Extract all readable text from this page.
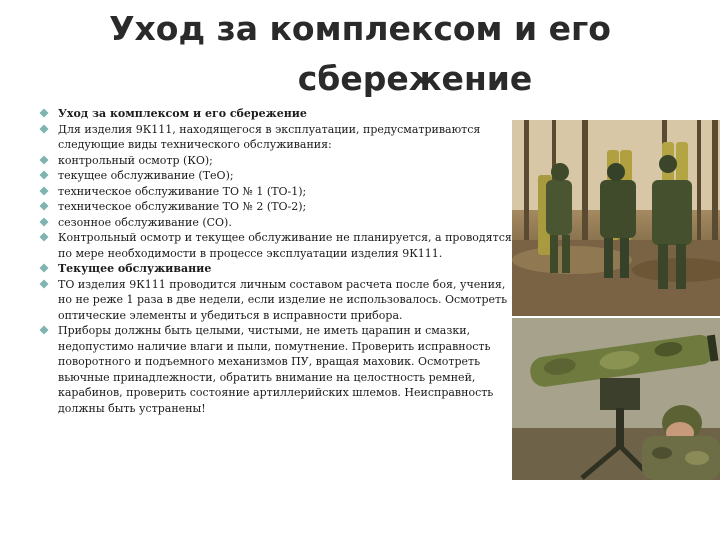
Уход за комплексом и его
сбережение
Уход за комплексом и его сбережение
Для изделия 9К111, находящегося в эксплуатации, предусматриваются следующие виды технического обслуживания:
контрольный осмотр (КО);
текущее обслуживание (ТеО);
техническое обслуживание ТО № 1 (ТО-1);
техническое обслуживание ТО № 2 (ТО-2);
сезонное обслуживание (СО).
Контрольный осмотр и текущее обслуживание не планируется, а проводятся по мере необходимости в процессе эксплуатации изделия 9К111.
Текущее обслуживание
ТО изделия 9К111 проводится личным составом расчета после боя, учения, но не реже 1 раза в две недели, если изделие не использовалось. Осмотреть оптические элементы и убедиться в исправности прибора.
Приборы должны быть целыми, чистыми, не иметь царапин и смазки, недопустимо наличие влаги и пыли, помутнение. Проверить исправность поворотного и подъемного механизмов ПУ, вращая маховик. Осмотреть вьючные принадлежности, обратить внимание на целостность ремней, карабинов, проверить состояние артиллерийских шлемов. Неисправность должны быть устранены!
